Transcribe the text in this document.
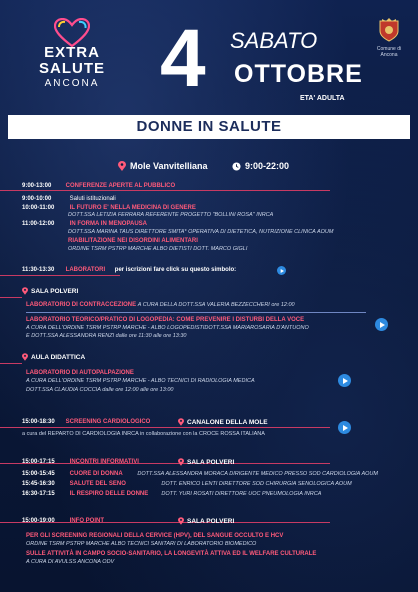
EXTRA
SALUTE
ANCONA 4 SABATO
OTTOBRE
ETA' ADULTA
Comune di
Ancona
DONNE IN SALUTE
Mole Vanvitelliana	9:00-22:00
9:00-13:00 CONFERENZE APERTE AL PUBBLICO
9:00-10:00	Saluti istituzionali
10:00-11:00	IL FUTURO E' NELLA MEDICINA DI GENERE
DOTT.SSA LETIZIA FERRARA REFERENTE PROGETTO "BOLLINI ROSA" INRCA
11:00-12:00	IN FORMA IN MENOPAUSA
DOTT.SSA MARINA TAUS DIRETTORE SMITA* OPERATIVA DI DIETETICA, NUTRIZIONE CLINICA AOUM
RIABILITAZIONE NEI DISORDINI ALIMENTARI
ORDINE TSRM PSTRP MARCHE ALBO DIETISTI DOTT. MARCO GIGLI
11:30-13:30 LABORATORI per iscrizioni fare click su questo simbolo:
SALA POLVERI
LABORATORIO DI CONTRACCEZIONE A CURA DELLA DOTT.SSA VALERIA BEZZECCHERI ore 12:00
LABORATORIO TEORICO/PRATICO DI LOGOPEDIA: COME PREVENIRE I DISTURBI DELLA VOCE
A CURA DELL'ORDINE TSRM PSTRP MARCHE - ALBO LOGOPEDISTIDOTT.SSA MARIAROSARIA D'ANTUONO
E DOTT.SSA ALESSANDRA RENZI dalle ore 11:30 alle ore 13:30
AULA DIDATTICA
LABORATORIO DI AUTOPALPAZIONE
A CURA DELL'ORDINE TSRM PSTRP MARCHE - ALBO TECNICI DI RADIOLOGIA MEDICA
DOTT.SSA CLAUDIA COCCIA dalle ore 12:00 alle ore 13:00
15:00-18:30 SCREENING CARDIOLOGICO	CANALONE DELLA MOLE
a cura del REPARTO DI CARDIOLOGIA INRCA in collaborazione con la CROCE ROSSA ITALIANA
15:00-17:15 INCONTRI INFORMATIVI	SALA POLVERI
15:00-15:45 CUORE DI DONNA	DOTT.SSA ALESSANDRA MORACA DIRIGENTE MEDICO PRESSO SOD CARDIOLOGIA AOUM
15:45-16:30 SALUTE DEL SENO	DOTT. ENRICO LENTI DIRETTORE SOD CHIRURGIA SENOLOGICA AOUM
16:30-17:15 IL RESPIRO DELLE DONNE DOTT. YURI ROSATI DIRETTORE UOC PNEUMOLOGIA INRCA
15:00-19:00 INFO POINT	SALA POLVERI
PER GLI SCREENING REGIONALI DELLA CERVICE (HPV), DEL SANGUE OCCULTO E HCV
ORDINE TSRM PSTRP MARCHE ALBO TECNICI SANITARI DI LABORATORIO BIOMEDICO
SULLE ATTIVITÀ IN CAMPO SOCIO-SANITARIO, LA LONGEVITÀ ATTIVA ED IL WELFARE CULTURALE
A CURA DI AVULSS ANCONA ODV
